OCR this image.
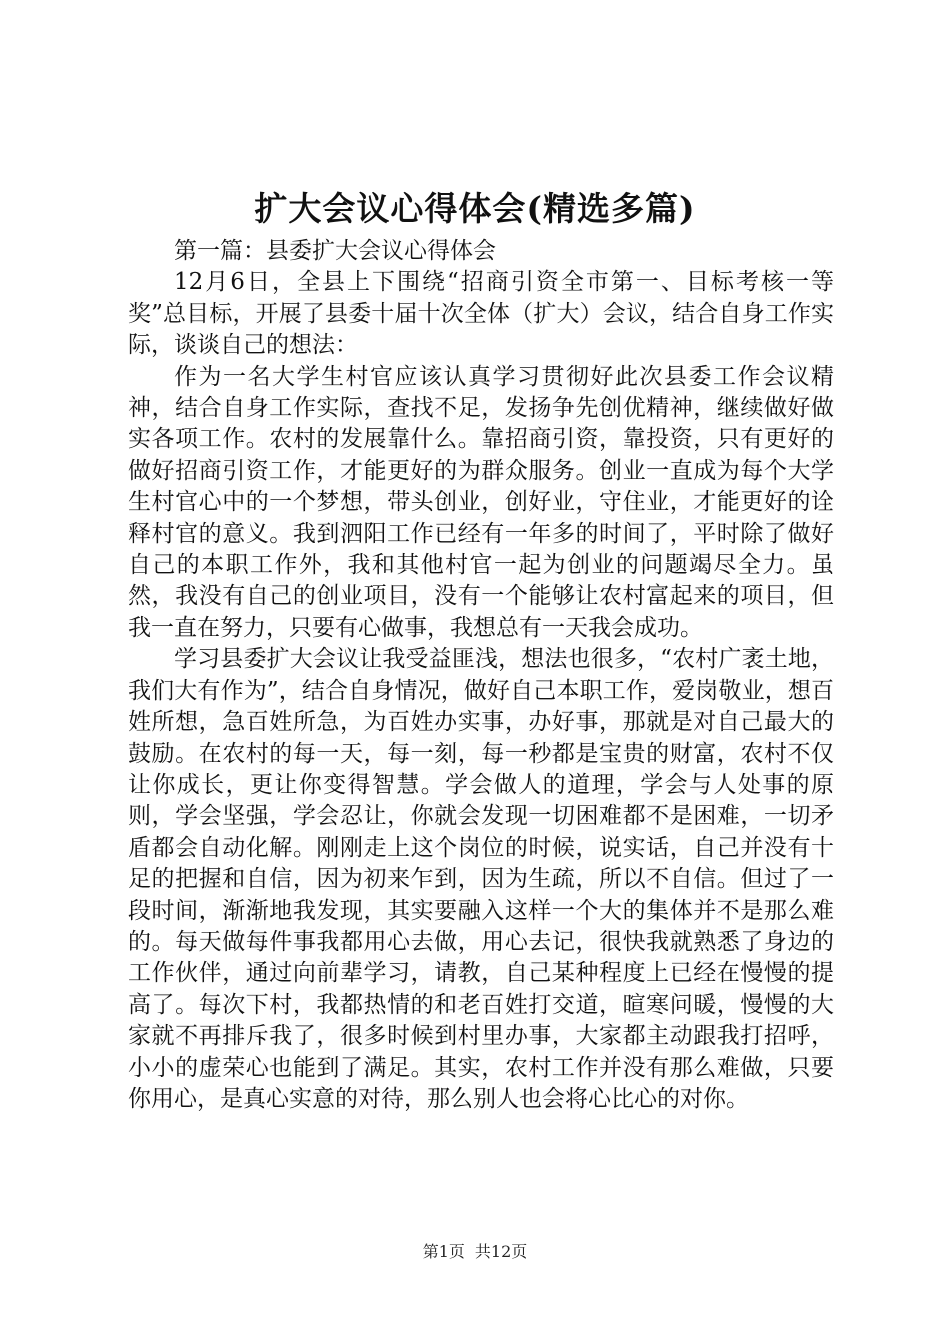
扩大会议心得体会(精选多篇)

第一篇：县委扩大会议心得体会

12月6日，全县上下围绕“招商引资全市第一、目标考核一等奖”总目标，开展了县委十届十次全体（扩大）会议，结合自身工作实际，谈谈自己的想法：

作为一名大学生村官应该认真学习贯彻好此次县委工作会议精神，结合自身工作实际，查找不足，发扬争先创优精神，继续做好做实各项工作。农村的发展靠什么。靠招商引资，靠投资，只有更好的做好招商引资工作，才能更好的为群众服务。创业一直成为每个大学生村官心中的一个梦想，带头创业，创好业，守住业，才能更好的诠释村官的意义。我到泗阳工作已经有一年多的时间了，平时除了做好自己的本职工作外，我和其他村官一起为创业的问题竭尽全力。虽然，我没有自己的创业项目，没有一个能够让农村富起来的项目，但我一直在努力，只要有心做事，我想总有一天我会成功。

学习县委扩大会议让我受益匪浅，想法也很多，“农村广袤土地，我们大有作为”，结合自身情况，做好自己本职工作，爱岗敬业，想百姓所想，急百姓所急，为百姓办实事，办好事，那就是对自己最大的鼓励。在农村的每一天，每一刻，每一秒都是宝贵的财富，农村不仅让你成长，更让你变得智慧。学会做人的道理，学会与人处事的原则，学会坚强，学会忍让，你就会发现一切困难都不是困难，一切矛盾都会自动化解。刚刚走上这个岗位的时候，说实话，自己并没有十足的把握和自信，因为初来乍到，因为生疏，所以不自信。但过了一段时间，渐渐地我发现，其实要融入这样一个大的集体并不是那么难的。每天做每件事我都用心去做，用心去记，很快我就熟悉了身边的工作伙伴，通过向前辈学习，请教，自己某种程度上已经在慢慢的提高了。每次下村，我都热情的和老百姓打交道，暄寒问暖，慢慢的大家就不再排斥我了，很多时候到村里办事，大家都主动跟我打招呼，小小的虚荣心也能到了满足。其实，农村工作并没有那么难做，只要你用心，是真心实意的对待，那么别人也会将心比心的对你。

第1页 共12页
